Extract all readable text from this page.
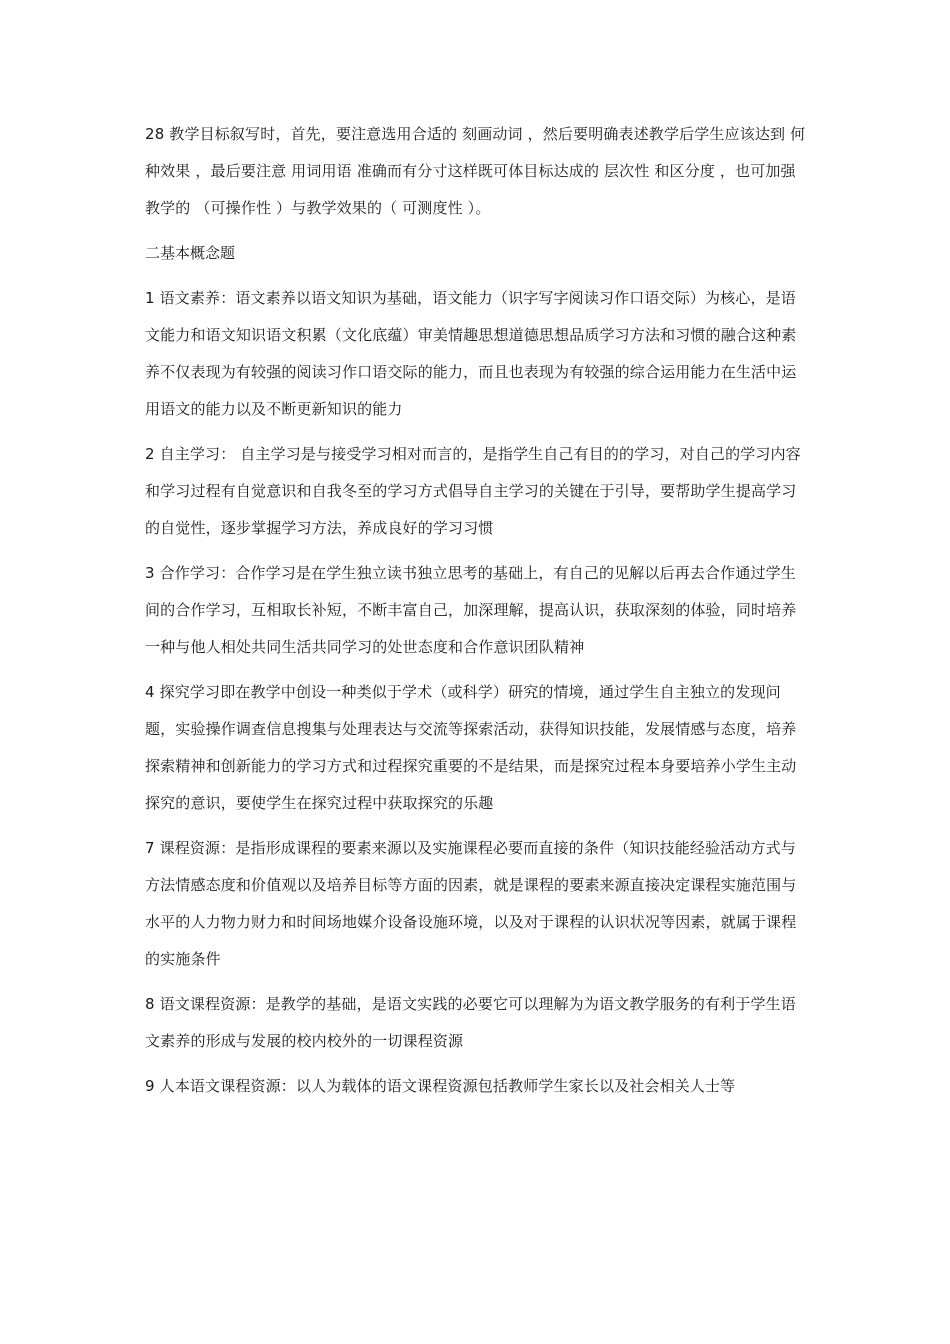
28 教学目标叙写时，首先，要注意选用合适的 刻画动词 ，然后要明确表述教学后学生应该达到 何种效果 ，最后要注意 用词用语 准确而有分寸这样既可体目标达成的 层次性 和区分度 ，也可加强教学的 （可操作性 ）与教学效果的（ 可测度性 ）。

二基本概念题

1 语文素养：语文素养以语文知识为基础，语文能力（识字写字阅读习作口语交际）为核心，是语文能力和语文知识语文积累（文化底蕴）审美情趣思想道德思想品质学习方法和习惯的融合这种素养不仅表现为有较强的阅读习作口语交际的能力，而且也表现为有较强的综合运用能力在生活中运用语文的能力以及不断更新知识的能力

2 自主学习： 自主学习是与接受学习相对而言的，是指学生自己有目的的学习，对自己的学习内容和学习过程有自觉意识和自我冬至的学习方式倡导自主学习的关键在于引导，要帮助学生提高学习的自觉性，逐步掌握学习方法，养成良好的学习习惯

3 合作学习：合作学习是在学生独立读书独立思考的基础上，有自己的见解以后再去合作通过学生间的合作学习，互相取长补短，不断丰富自己，加深理解，提高认识，获取深刻的体验，同时培养一种与他人相处共同生活共同学习的处世态度和合作意识团队精神

4 探究学习即在教学中创设一种类似于学术（或科学）研究的情境，通过学生自主独立的发现问题，实验操作调查信息搜集与处理表达与交流等探索活动，获得知识技能，发展情感与态度，培养探索精神和创新能力的学习方式和过程探究重要的不是结果，而是探究过程本身要培养小学生主动探究的意识，要使学生在探究过程中获取探究的乐趣

7 课程资源：是指形成课程的要素来源以及实施课程必要而直接的条件（知识技能经验活动方式与方法情感态度和价值观以及培养目标等方面的因素，就是课程的要素来源直接决定课程实施范围与水平的人力物力财力和时间场地媒介设备设施环境，以及对于课程的认识状况等因素，就属于课程的实施条件

8 语文课程资源：是教学的基础，是语文实践的必要它可以理解为为语文教学服务的有利于学生语文素养的形成与发展的校内校外的一切课程资源

9 人本语文课程资源：以人为载体的语文课程资源包括教师学生家长以及社会相关人士等
